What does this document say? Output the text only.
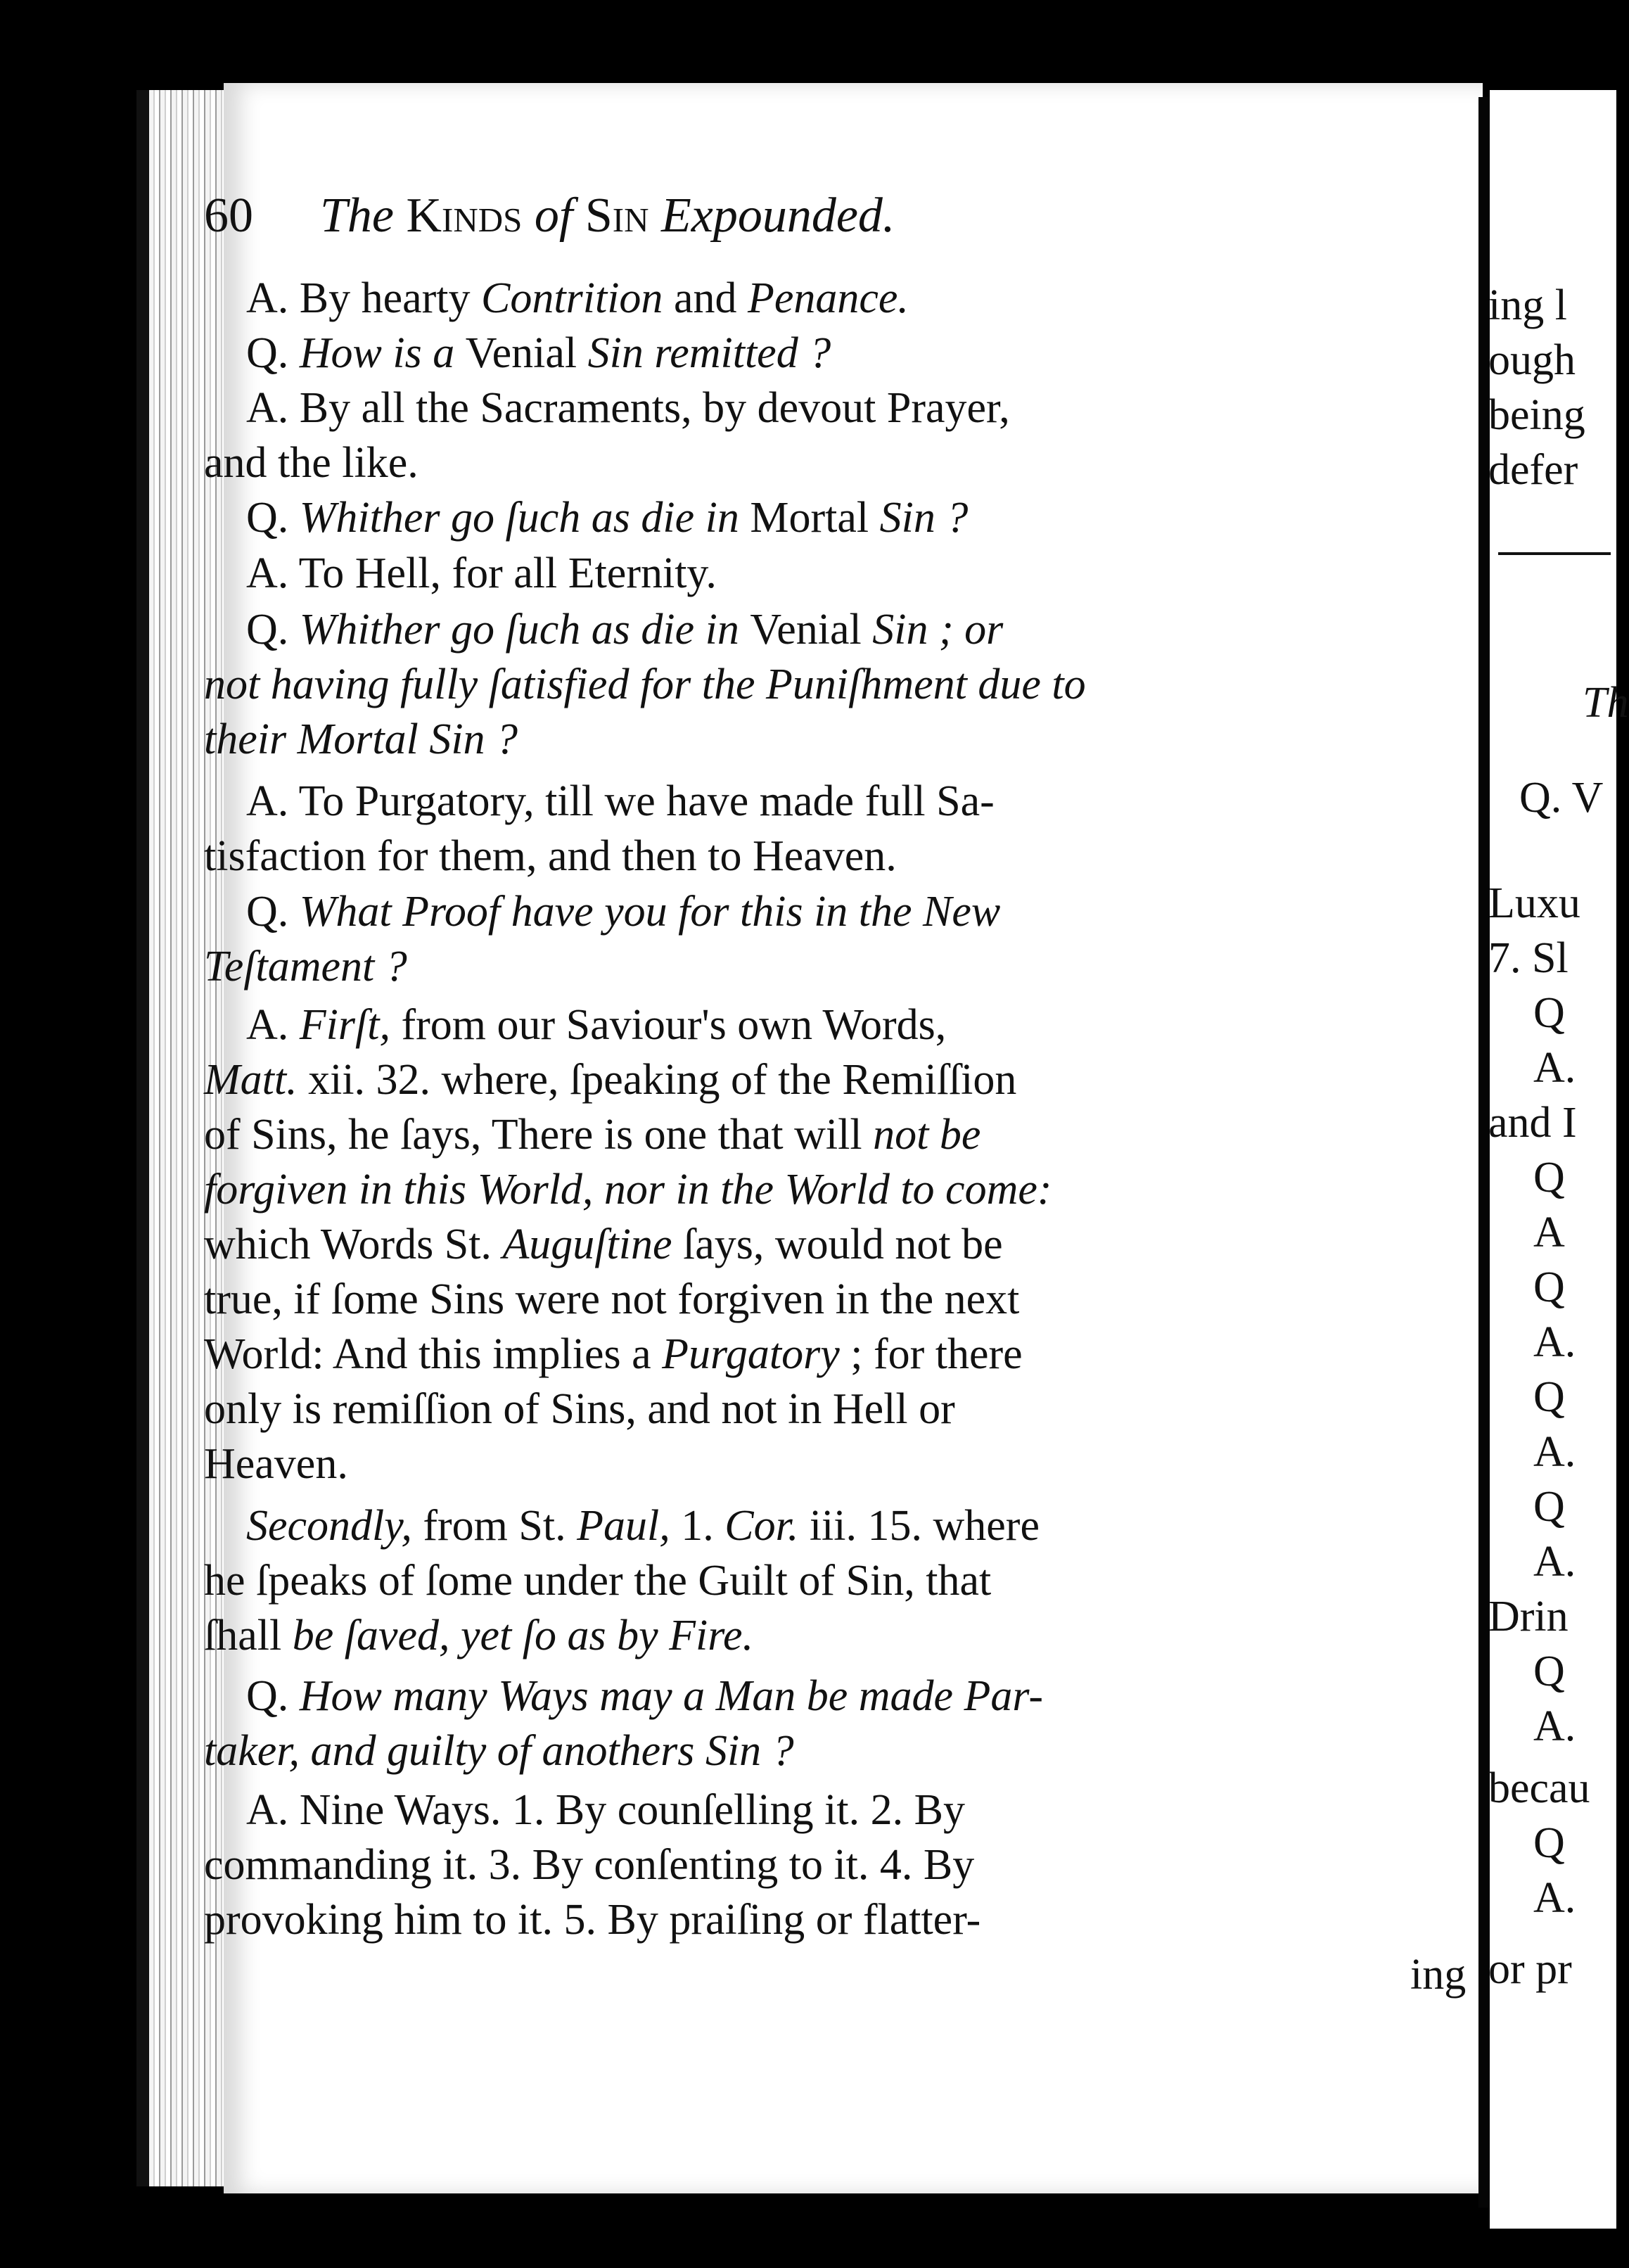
60 The Kinds of Sin Expounded.
A. By hearty Contrition and Penance.
Q. How is a Venial Sin remitted ?
A. By all the Sacraments, by devout Prayer,
and the like.
Q. Whither go ſuch as die in Mortal Sin ?
A. To Hell, for all Eternity.
Q. Whither go ſuch as die in Venial Sin ; or
not having fully ſatisfied for the Puniſhment due to
their Mortal Sin ?
A. To Purgatory, till we have made full Sa-
tisfaction for them, and then to Heaven.
Q. What Proof have you for this in the New
Teſtament ?
A. Firſt, from our Saviour's own Words,
Matt. xii. 32. where, ſpeaking of the Remiſſion
of Sins, he ſays, There is one that will not be
forgiven in this World, nor in the World to come:
which Words St. Auguſtine ſays, would not be
true, if ſome Sins were not forgiven in the next
World: And this implies a Purgatory ; for there
only is remiſſion of Sins, and not in Hell or
Heaven.
Secondly, from St. Paul, 1. Cor. iii. 15. where
he ſpeaks of ſome under the Guilt of Sin, that
ſhall be ſaved, yet ſo as by Fire.
Q. How many Ways may a Man be made Par-
taker, and guilty of anothers Sin ?
A. Nine Ways. 1. By counſelling it. 2. By
commanding it. 3. By conſenting to it. 4. By
provoking him to it. 5. By praiſing or flatter-
ing
ing l
ough
being
defer
Th
Q. V
Luxu
7. Sl
Q
A.
and I
Q
A
Q
A.
Q
A.
Q
A.
Drin
Q
A.
becau
Q
A.
or pr
